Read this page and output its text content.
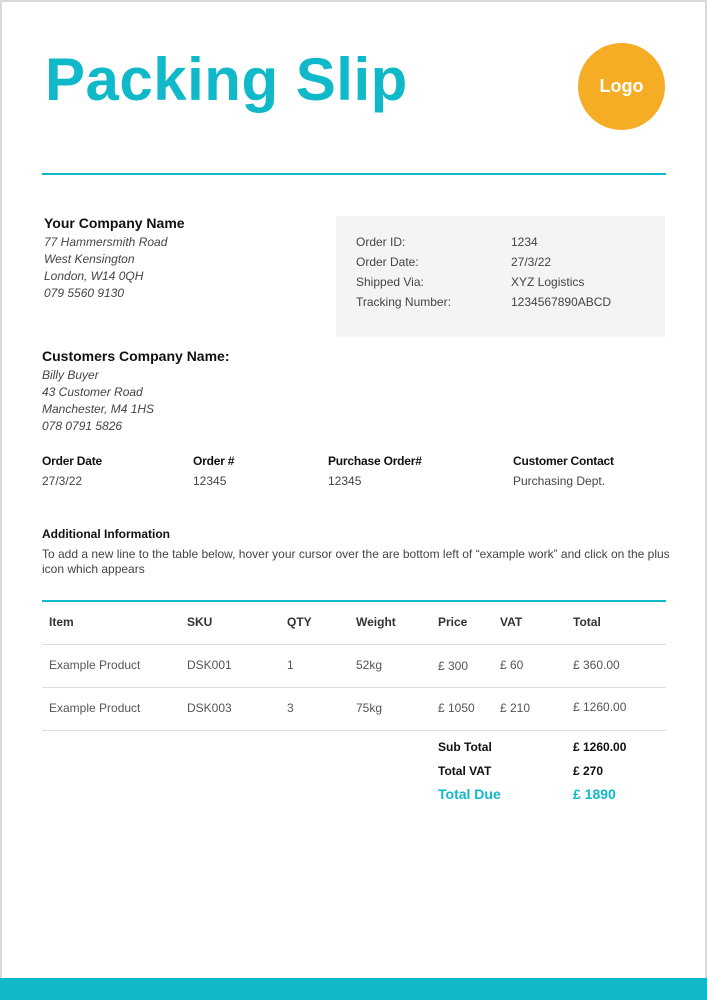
Packing Slip	Logo
Your Company Name
77 Hammersmith Road
West Kensington
London, W14 0QH
079 5560 9130
Order ID:	1234
Order Date:	27/3/22
Shipped Via:	XYZ Logistics
Tracking Number:	1234567890ABCD
Customers Company Name:
Billy Buyer
43 Customer Road
Manchester, M4 1HS
078 0791 5826
Order Date	Order #	Purchase Order#	Customer Contact
27/3/22	12345	12345	Purchasing Dept.
Additional Information
To add a new line to the table below, hover your cursor over the are bottom left of “example work” and click on the plus icon which appears
Item	SKU	QTY	Weight	Price	VAT	Total
Example Product	DSK001	1	52kg	£ 300	£ 60	£ 360.00
Example Product	DSK003	3	75kg	£ 1050 £ 210	£ 1260.00
Sub Total	£ 1260.00
Total VAT	£ 270
Total Due	£ 1890
